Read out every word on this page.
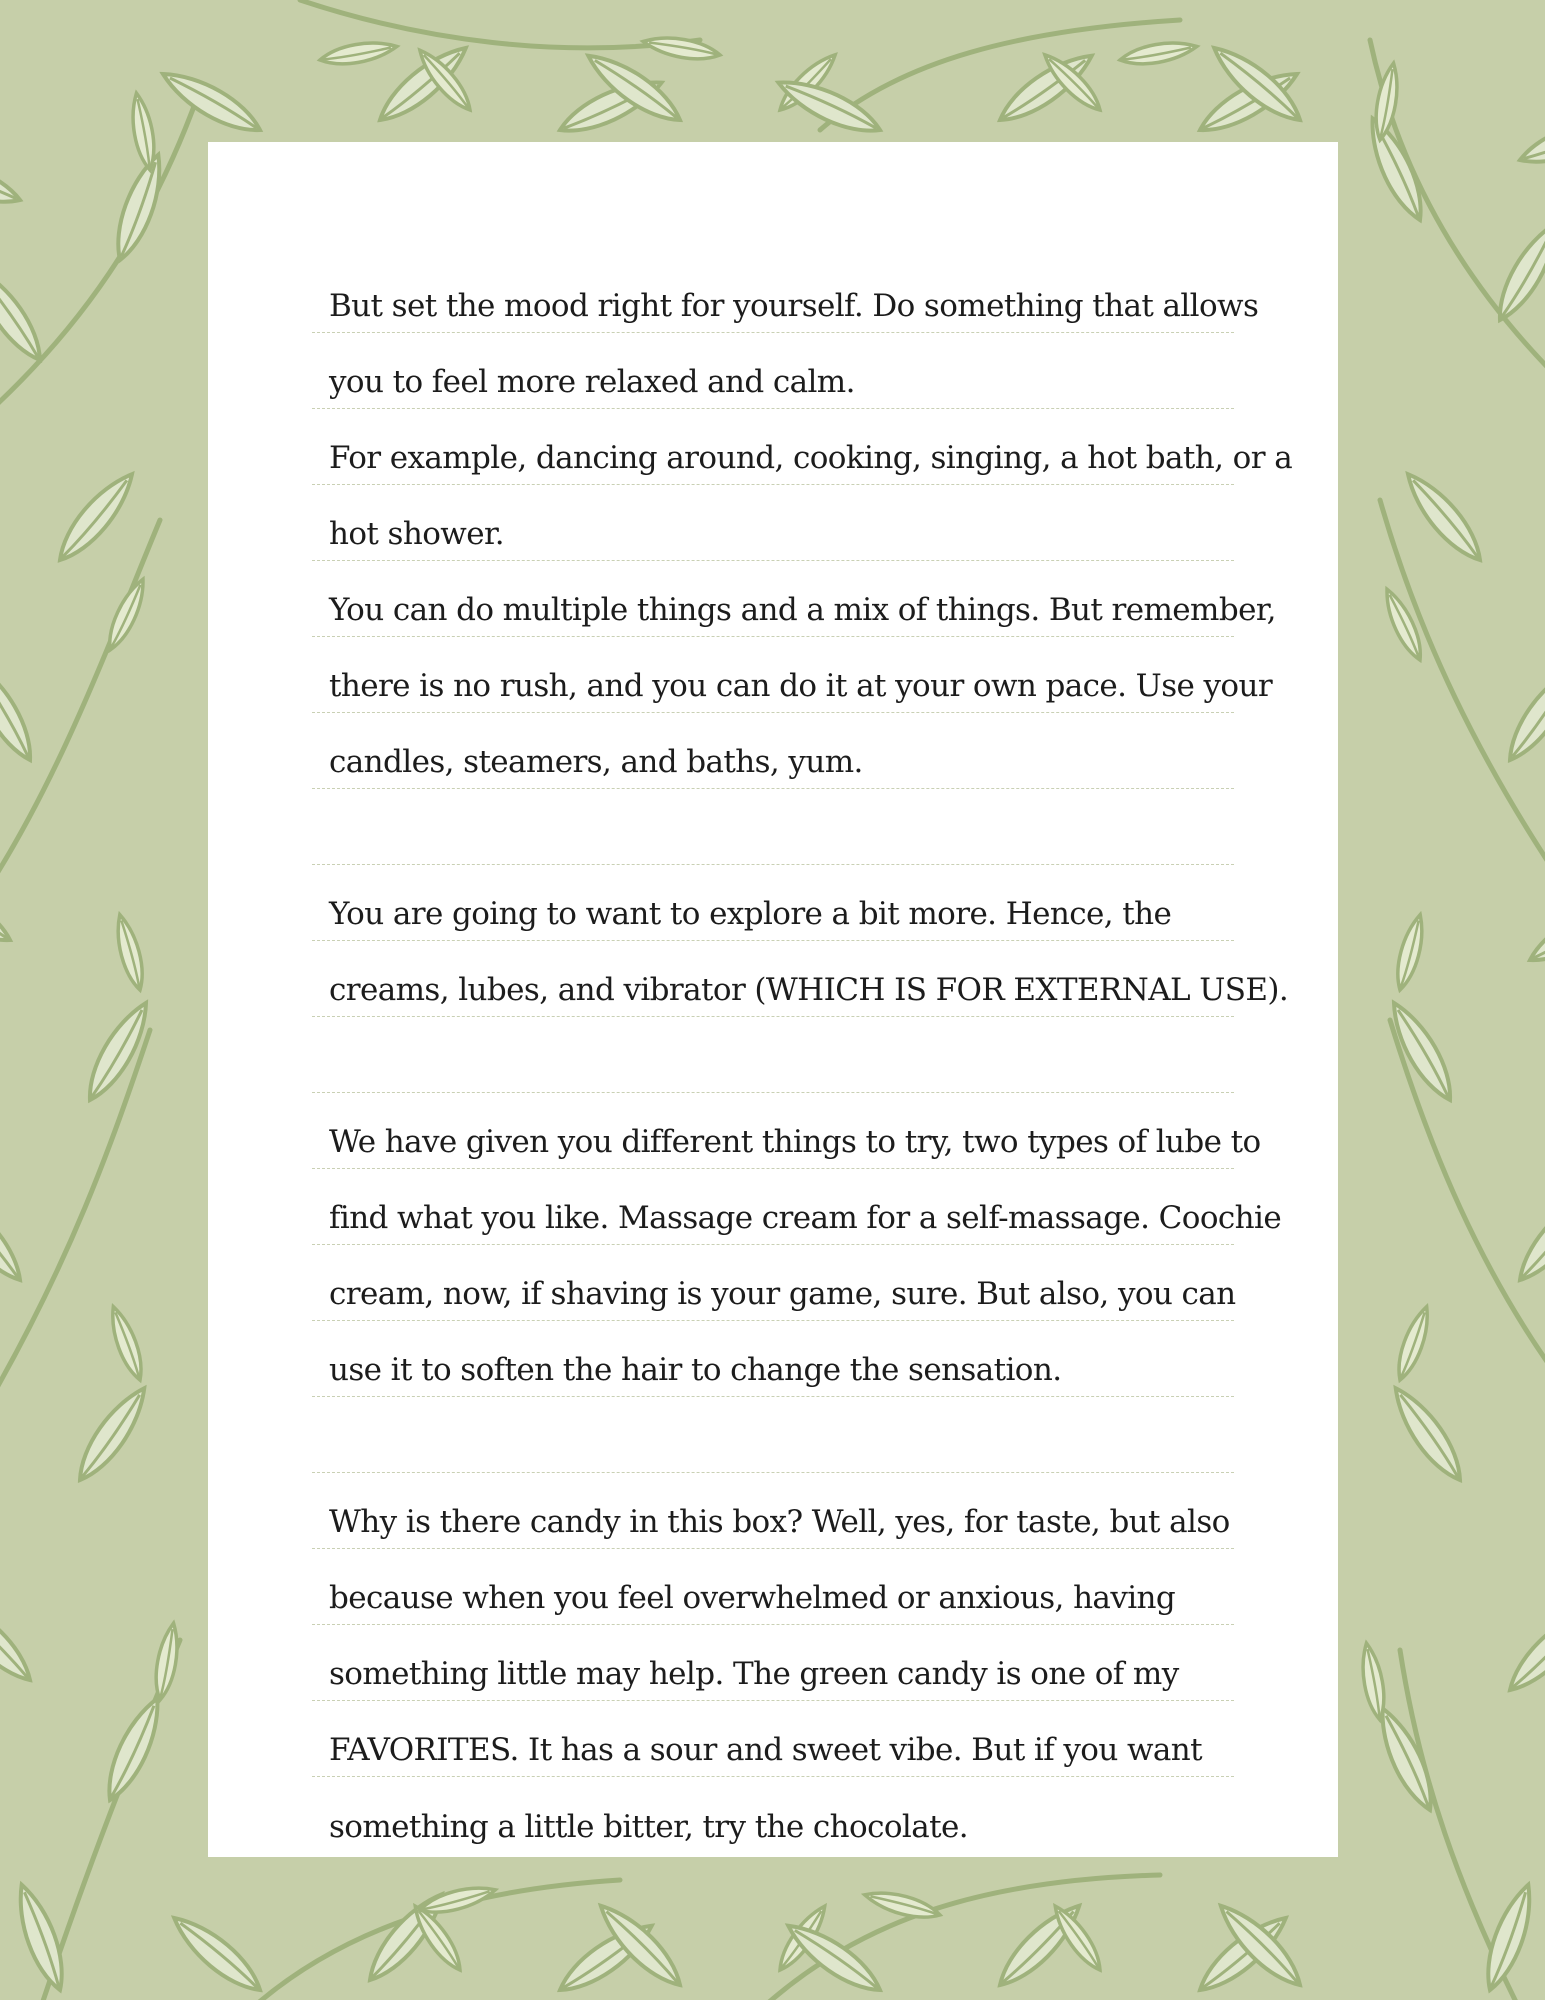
But set the mood right for yourself. Do something that allows
you to feel more relaxed and calm.
For example, dancing around, cooking, singing, a hot bath, or a
hot shower.
You can do multiple things and a mix of things. But remember,
there is no rush, and you can do it at your own pace. Use your
candles, steamers, and baths, yum.
You are going to want to explore a bit more. Hence, the
creams, lubes, and vibrator (WHICH IS FOR EXTERNAL USE).
We have given you different things to try, two types of lube to
find what you like. Massage cream for a self-massage. Coochie
cream, now, if shaving is your game, sure. But also, you can
use it to soften the hair to change the sensation.
Why is there candy in this box? Well, yes, for taste, but also
because when you feel overwhelmed or anxious, having
something little may help. The green candy is one of my
FAVORITES. It has a sour and sweet vibe. But if you want
something a little bitter, try the chocolate.
